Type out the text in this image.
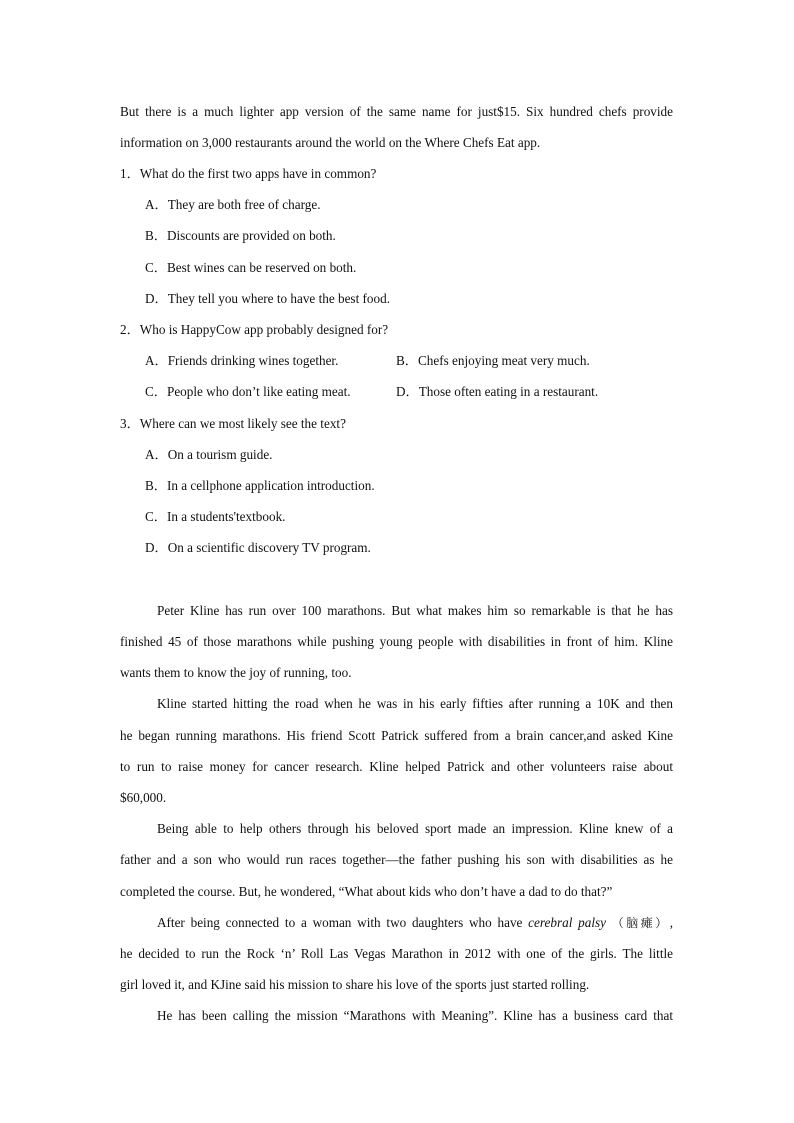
But there is a much lighter app version of the same name for just$15. Six hundred chefs provide
information on 3,000 restaurants around the world on the Where Chefs Eat app.
1．What do the first two apps have in common?
A．They are both free of charge.
B．Discounts are provided on both.
C．Best wines can be reserved on both.
D．They tell you where to have the best food.
2．Who is HappyCow app probably designed for?
A．Friends drinking wines together.	B．Chefs enjoying meat very much.
C．People who don’t like eating meat.	D．Those often eating in a restaurant.
3．Where can we most likely see the text?
A．On a tourism guide.
B．In a cellphone application introduction.
C．In a students'textbook.
D．On a scientific discovery TV program.
Peter Kline has run over 100 marathons. But what makes him so remarkable is that he has
finished 45 of those marathons while pushing young people with disabilities in front of him. Kline
wants them to know the joy of running, too.
Kline started hitting the road when he was in his early fifties after running a 10K and then
he began running marathons. His friend Scott Patrick suffered from a brain cancer,and asked Kine
to run to raise money for cancer research. Kline helped Patrick and other volunteers raise about
$60,000.
Being able to help others through his beloved sport made an impression. Kline knew of a
father and a son who would run races together—the father pushing his son with disabilities as he
completed the course. But, he wondered, “What about kids who don’t have a dad to do that?”
After being connected to a woman with two daughters who have cerebral palsy （脑瘫）,
he decided to run the Rock ‘n’ Roll Las Vegas Marathon in 2012 with one of the girls. The little
girl loved it, and KJine said his mission to share his love of the sports just started rolling.
He has been calling the mission “Marathons with Meaning”. Kline has a business card that
